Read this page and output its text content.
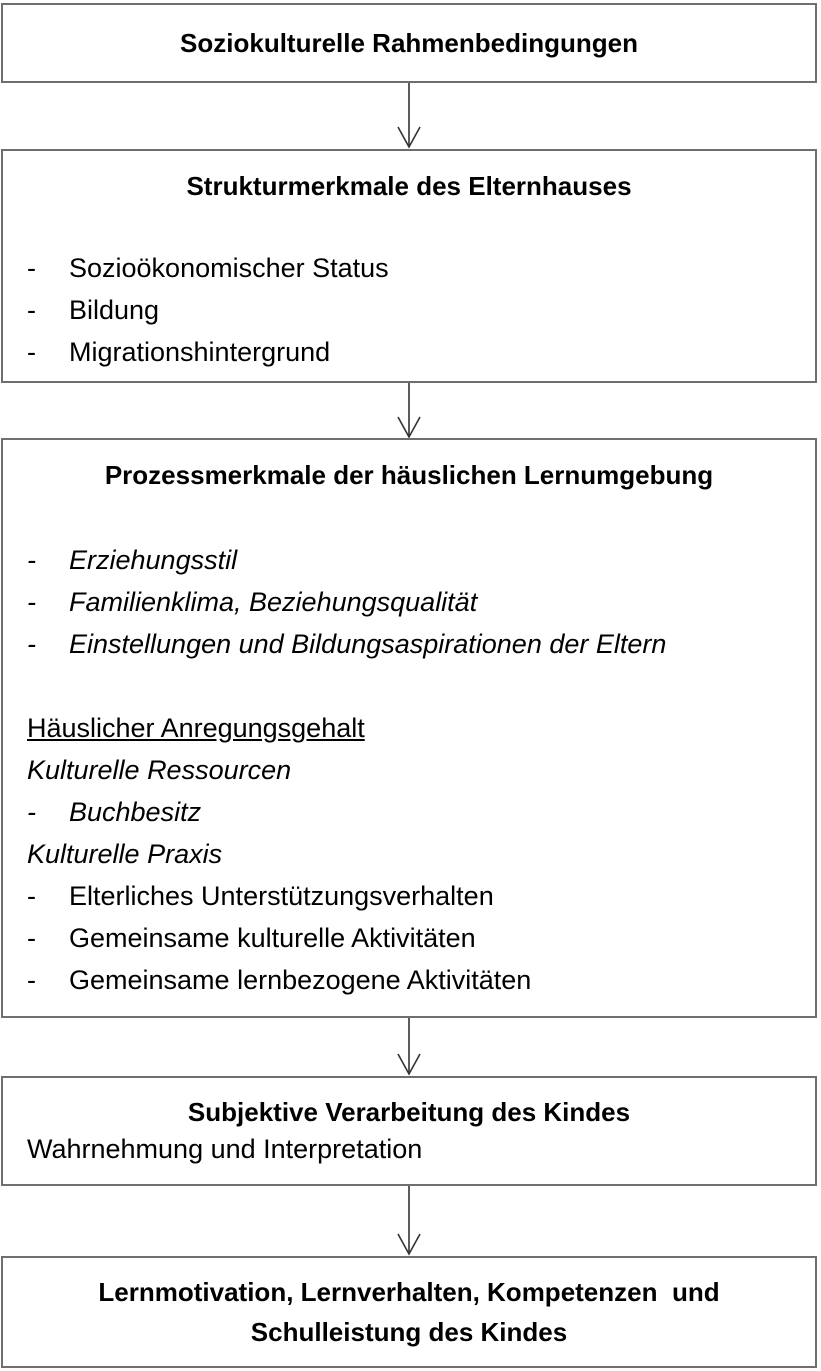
Soziokulturelle Rahmenbedingungen
Strukturmerkmale des Elternhauses
- Sozioökonomischer Status
- Bildung
- Migrationshintergrund
Prozessmerkmale der häuslichen Lernumgebung
- Erziehungsstil
- Familienklima, Beziehungsqualität
- Einstellungen und Bildungsaspirationen der Eltern
Häuslicher Anregungsgehalt
Kulturelle Ressourcen
- Buchbesitz
Kulturelle Praxis
- Elterliches Unterstützungsverhalten
- Gemeinsame kulturelle Aktivitäten
- Gemeinsame lernbezogene Aktivitäten
Subjektive Verarbeitung des Kindes
Wahrnehmung und Interpretation
Lernmotivation, Lernverhalten, Kompetenzen  und
Schulleistung des Kindes
